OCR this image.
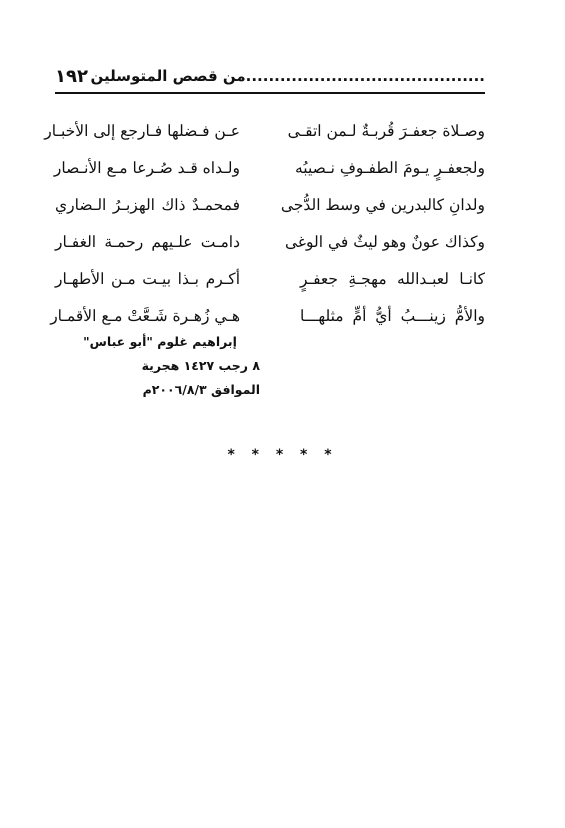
١٩٢ ..........................................من قصص المتوسلين
وصـلاة جعفـرَ قُربـةٌ لـمن اتقـى
عـن فـضلها فـارجع إلى الأخبـار
ولجعفـرٍ يـومَ الطفـوفِ نـصيبُه
ولـداه قـد صُـرعا مـع الأنـصار
ولدانِ كالبدرين في وسط الدُّجى
فمحمـدٌ ذاك الهزبـرُ الـضاري
وكذاك عونٌ وهو ليثٌ في الوغى
دامـت علـيهم رحمـة الغفـار
كانـا لعبـدالله مهجـةِ جعفـرٍ
أكـرم بـذا بيـت مـن الأطهـار
والأمُّ زينـــبُ أيُّ أمٍّ مثلهـــا
هـي زُهـرة شَـعَّتْ مـع الأقمـار
إبراهيم غلوم "أبو عباس"
٨ رجب ١٤٢٧ هجرية
الموافق ٢٠٠٦/٨/٣م
* * * * *
